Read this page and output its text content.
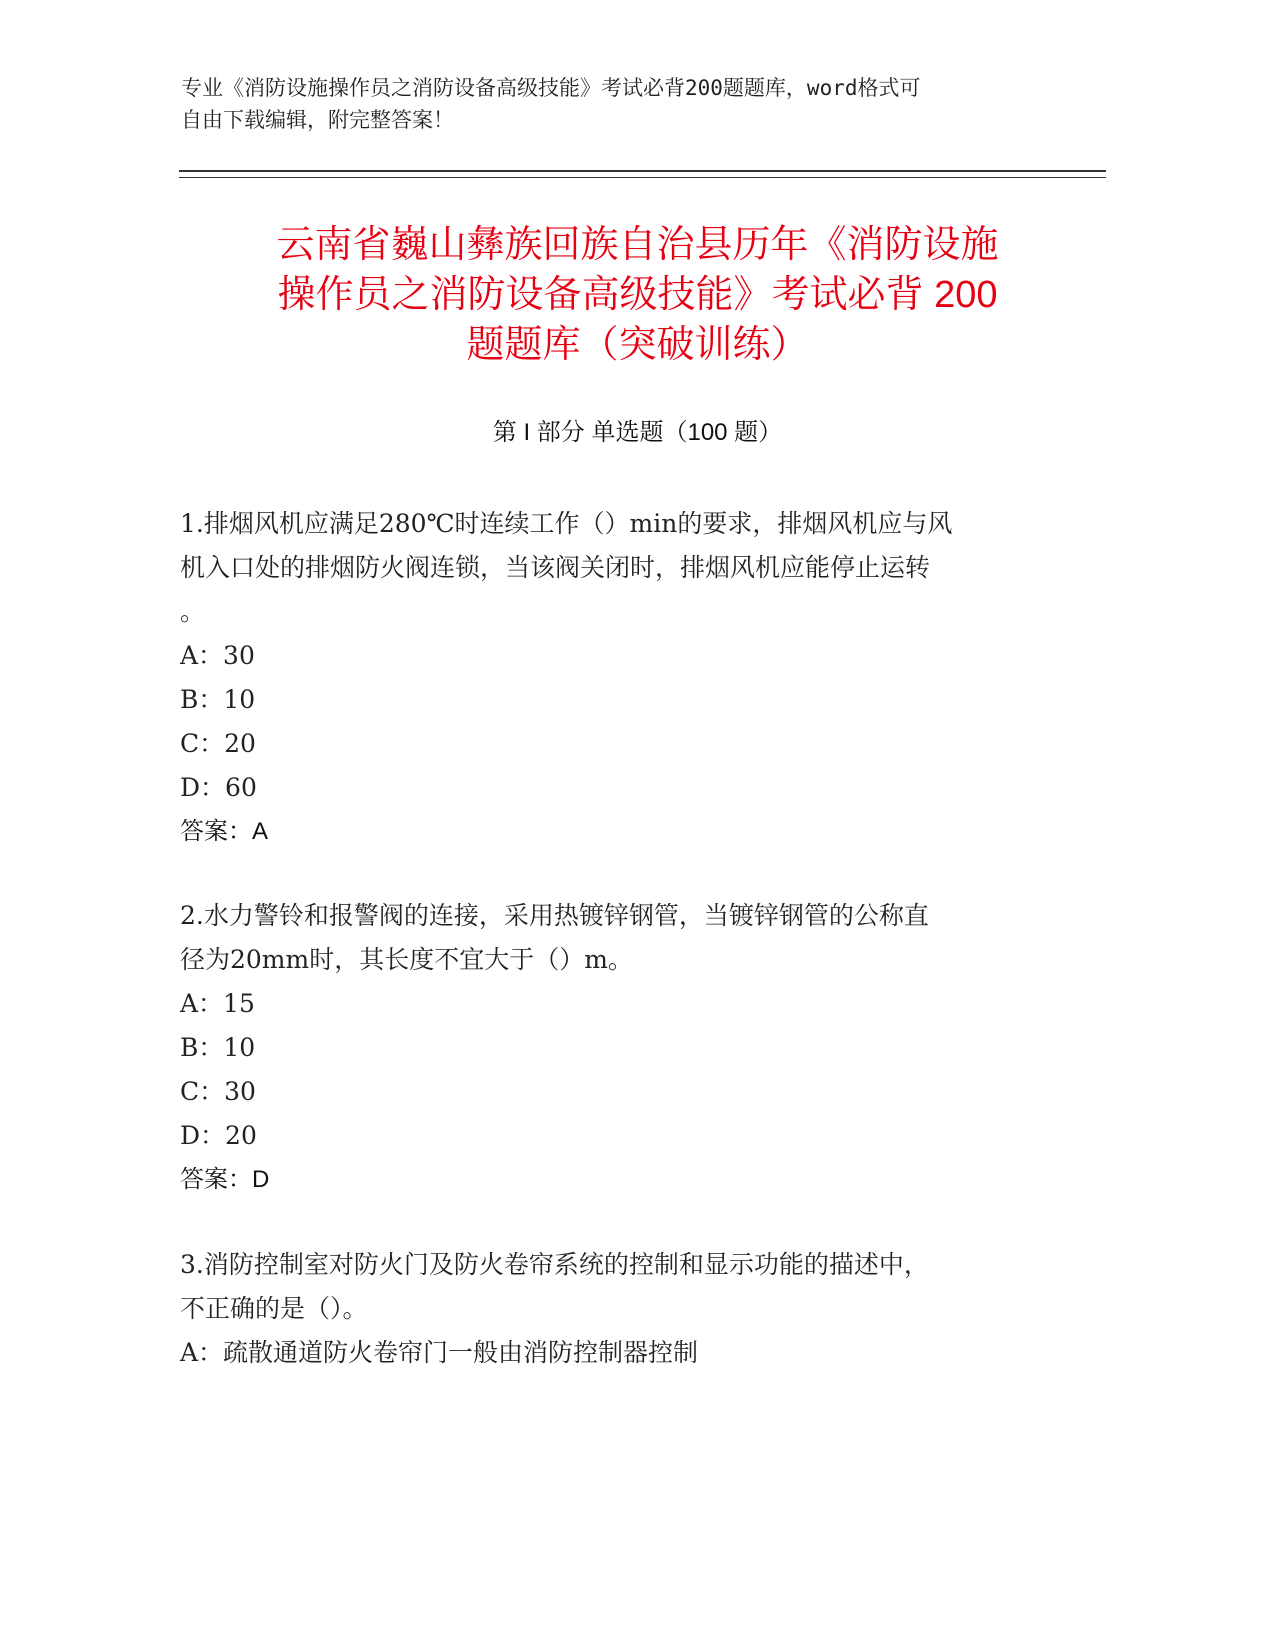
专业《消防设施操作员之消防设备高级技能》考试必背200题题库，word格式可
自由下载编辑，附完整答案！
云南省巍山彝族回族自治县历年《消防设施
操作员之消防设备高级技能》考试必背 200
题题库（突破训练）
第 I 部分 单选题（100 题）
1.排烟风机应满足280℃时连续工作（）min的要求，排烟风机应与风
机入口处的排烟防火阀连锁，当该阀关闭时，排烟风机应能停止运转
。
A：30
B：10
C：20
D：60
答案：A
2.水力警铃和报警阀的连接，采用热镀锌钢管，当镀锌钢管的公称直
径为20mm时，其长度不宜大于（）m。
A：15
B：10
C：30
D：20
答案：D
3.消防控制室对防火门及防火卷帘系统的控制和显示功能的描述中，
不正确的是（）。
A：疏散通道防火卷帘门一般由消防控制器控制
